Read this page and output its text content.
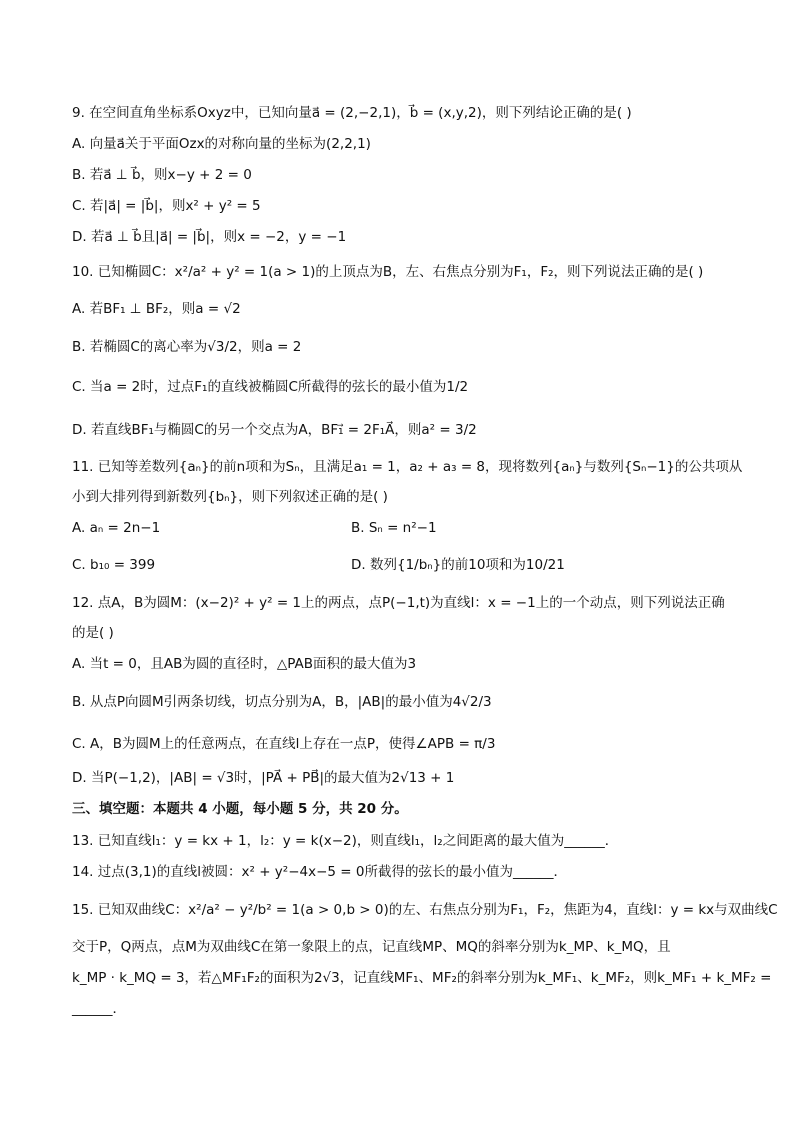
9. 在空间直角坐标系Oxyz中，已知向量a⃗ = (2,−2,1)，b⃗ = (x,y,2)，则下列结论正确的是( )
A. 向量a⃗关于平面Ozx的对称向量的坐标为(2,2,1)
B. 若a⃗ ⊥ b⃗，则x−y + 2 = 0
C. 若|a⃗| = |b⃗|，则x² + y² = 5
D. 若a⃗ ⊥ b⃗且|a⃗| = |b⃗|，则x = −2，y = −1
10. 已知椭圆C：x²/a² + y² = 1(a > 1)的上顶点为B，左、右焦点分别为F₁，F₂，则下列说法正确的是( )
A. 若BF₁ ⊥ BF₂，则a = √2
B. 若椭圆C的离心率为√3/2，则a = 2
C. 当a = 2时，过点F₁的直线被椭圆C所截得的弦长的最小值为1/2
D. 若直线BF₁与椭圆C的另一个交点为A，BF₁⃗ = 2F₁A⃗，则a² = 3/2
11. 已知等差数列{aₙ}的前n项和为Sₙ，且满足a₁ = 1，a₂ + a₃ = 8，现将数列{aₙ}与数列{Sₙ−1}的公共项从
小到大排列得到新数列{bₙ}，则下列叙述正确的是( )
A. aₙ = 2n−1	B. Sₙ = n²−1
C. b₁₀ = 399	D. 数列{1/bₙ}的前10项和为10/21
12. 点A，B为圆M：(x−2)² + y² = 1上的两点，点P(−1,t)为直线l：x = −1上的一个动点，则下列说法正确
的是( )
A. 当t = 0，且AB为圆的直径时，△PAB面积的最大值为3
B. 从点P向圆M引两条切线，切点分别为A，B，|AB|的最小值为4√2/3
C. A，B为圆M上的任意两点，在直线l上存在一点P，使得∠APB = π/3
D. 当P(−1,2)，|AB| = √3时，|PA⃗ + PB⃗|的最大值为2√13 + 1
三、填空题：本题共 4 小题，每小题 5 分，共 20 分。
13. 已知直线l₁：y = kx + 1，l₂：y = k(x−2)，则直线l₁，l₂之间距离的最大值为______．
14. 过点(3,1)的直线l被圆：x² + y²−4x−5 = 0所截得的弦长的最小值为______．
15. 已知双曲线C：x²/a² − y²/b² = 1(a > 0,b > 0)的左、右焦点分别为F₁，F₂，焦距为4，直线l：y = kx与双曲线C
交于P，Q两点，点M为双曲线C在第一象限上的点，记直线MP、MQ的斜率分别为k_MP、k_MQ，且
k_MP · k_MQ = 3，若△MF₁F₂的面积为2√3，记直线MF₁、MF₂的斜率分别为k_MF₁、k_MF₂，则k_MF₁ + k_MF₂ =
______．
